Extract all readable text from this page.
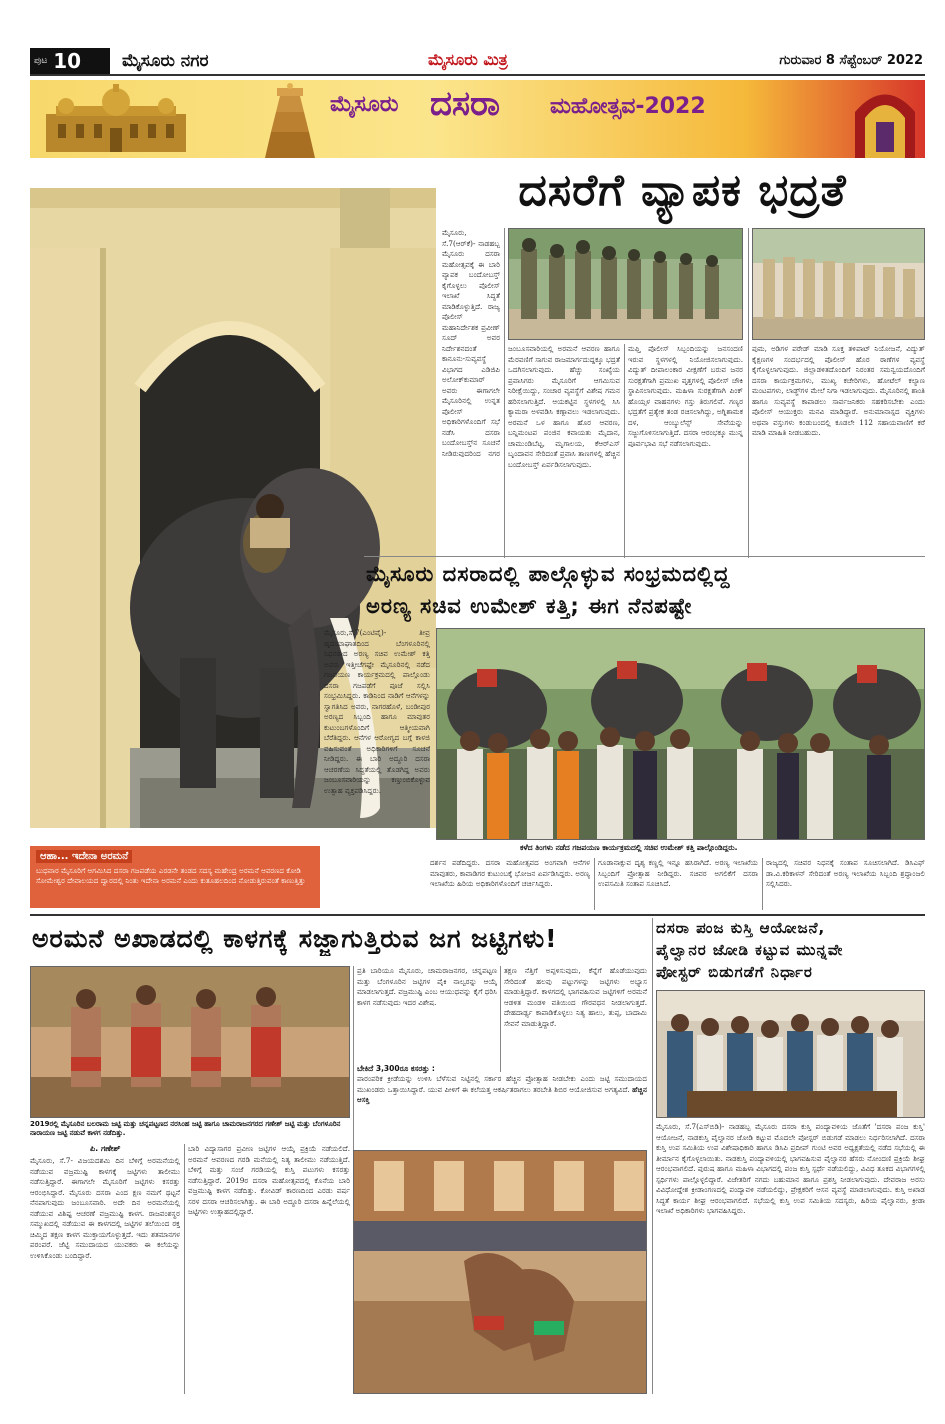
ಪುಟ 10 ಮೈಸೂರು ನಗರ	ಮೈಸೂರು ಮಿತ್ರ	ಗುರುವಾರ 8 ಸೆಪ್ಟೆಂಬರ್ 2022
ಮೈಸೂರು ದಸರಾ ಮಹೋತ್ಸವ-2022
ದಸರೆಗೆ ವ್ಯಾಪಕ ಭದ್ರತೆ
ಮೈಸೂರು, ಸೆ.7(ಆರ್‌ಕೆ)- ನಾಡಹಬ್ಬ ಮೈಸೂರು ದಸರಾ ಮಹೋತ್ಸವಕ್ಕೆ ಈ ಬಾರಿ ವ್ಯಾಪಕ ಬಂದೋಬಸ್ತ್ ಕೈಗೊಳ್ಳಲು ಪೊಲೀಸ್ ಇಲಾಖೆ ಸಿದ್ಧತೆ ಮಾಡಿಕೊಳ್ಳುತ್ತಿದೆ. ರಾಜ್ಯ ಪೊಲೀಸ್ ಮಹಾನಿರ್ದೇಶಕ ಪ್ರವೀಣ್ ಸೂದ್ ಅವರ ನಿರ್ದೇಶನದಂತೆ ಕಾನೂನು-ಸುವ್ಯವಸ್ಥೆ ವಿಭಾಗದ ಎಡಿಜಿಪಿ ಅಲೋಕ್‌ಕುಮಾರ್ ಅವರು ಈಗಾಗಲೇ ಮೈಸೂರಿನಲ್ಲಿ ಉನ್ನತ ಪೊಲೀಸ್ ಅಧಿಕಾರಿಗಳೊಂದಿಗೆ ಸಭೆ ನಡೆಸಿ ದಸರಾ ಬಂದೋಬಸ್ತ್‌ನ ಸೂಚನೆ ನೀಡಿರುವುದರಿಂದ ನಗರ
ಜಂಬೂಸವಾರಿಯಲ್ಲಿ ಅರಮನೆ ಆವರಣ ಹಾಗೂ ಮೆರವಣಿಗೆ ಸಾಗುವ ರಾಜಮಾರ್ಗದುದ್ದಕ್ಕೂ ಭದ್ರತೆ ಒದಗಿಸಲಾಗುವುದು. ಹೆಚ್ಚು ಸಂಖ್ಯೆಯ ಪ್ರವಾಸಿಗರು ಮೈಸೂರಿಗೆ ಆಗಮಿಸುವ ನಿರೀಕ್ಷೆಯಿದ್ದು, ಸಂಚಾರ ವ್ಯವಸ್ಥೆಗೆ ವಿಶೇಷ ಗಮನ ಹರಿಸಲಾಗುತ್ತಿದೆ. ಆಯಕಟ್ಟಿನ ಸ್ಥಳಗಳಲ್ಲಿ ಸಿಸಿ ಕ್ಯಾಮರಾ ಅಳವಡಿಸಿ ಕಣ್ಗಾವಲು ಇಡಲಾಗುವುದು. ಅರಮನೆ ಒಳ ಹಾಗೂ ಹೊರ ಆವರಣ, ಬನ್ನಿಮಂಟಪ ಪಂಜಿನ ಕವಾಯತು ಮೈದಾನ, ಚಾಮುಂಡಿಬೆಟ್ಟ, ಮೃಗಾಲಯ, ಕೆಆರ್‌ಎಸ್ ಬೃಂದಾವನ ಸೇರಿದಂತೆ ಪ್ರವಾಸಿ ತಾಣಗಳಲ್ಲಿ ಹೆಚ್ಚಿನ ಬಂದೋಬಸ್ತ್ ಏರ್ಪಡಿಸಲಾಗುವುದು.
ಮಫ್ತಿ ಪೊಲೀಸ್ ಸಿಬ್ಬಂದಿಯನ್ನು ಜನಸಂದಣಿ ಇರುವ ಸ್ಥಳಗಳಲ್ಲಿ ನಿಯೋಜಿಸಲಾಗುವುದು. ವಿದ್ಯುತ್ ದೀಪಾಲಂಕಾರ ವೀಕ್ಷಣೆಗೆ ಬರುವ ಜನರ ಸುರಕ್ಷತೆಗಾಗಿ ಪ್ರಮುಖ ವೃತ್ತಗಳಲ್ಲಿ ಪೊಲೀಸ್ ಚೌಕಿ ಸ್ಥಾಪಿಸಲಾಗುವುದು. ಮಹಿಳಾ ಸುರಕ್ಷತೆಗಾಗಿ ಪಿಂಕ್ ಹೊಯ್ಸಳ ವಾಹನಗಳು ಗಸ್ತು ತಿರುಗಲಿವೆ. ಗಣ್ಯರ ಭದ್ರತೆಗೆ ಪ್ರತ್ಯೇಕ ತಂಡ ರಚಿಸಲಾಗಿದ್ದು, ಅಗ್ನಿಶಾಮಕ ದಳ, ಆಂಬ್ಯುಲೆನ್ಸ್ ಸೇವೆಯನ್ನು ಸಜ್ಜುಗೊಳಿಸಲಾಗುತ್ತಿದೆ. ದಸರಾ ಆರಂಭಕ್ಕೂ ಮುನ್ನ ಪೂರ್ವಭಾವಿ ಸಭೆ ನಡೆಸಲಾಗುವುದು.
ಪುಮ, ಅಡಿಗಳ ಪರೇಡ್ ಮಾಡಿ ಸೂಕ್ತ ತಳಿಪಾಟ್ ನಿಯೋಜನೆ, ವಿದ್ಯುತ್ ಕೈಕ್ಷಣಗಳ ಸಂದರ್ಭದಲ್ಲಿ ಪೊಲೀಸ್ ಹೊರ ಠಾಣೆಗಳ ವ್ಯವಸ್ಥೆ ಕೈಗೊಳ್ಳಲಾಗುವುದು. ಜಿಲ್ಲಾಡಳಿತದೊಂದಿಗೆ ನಿರಂತರ ಸಮನ್ವಯದೊಂದಿಗೆ ದಸರಾ ಕಾರ್ಯಕ್ರಮಗಳು, ಮುಖ್ಯ ಕಚೇರಿಗಳು, ಹೋಟೆಲ್ ಕಲ್ಯಾಣ ಮಂಟಪಗಳು, ಲಾಡ್ಜ್‌ಗಳ ಮೇಲೆ ನಿಗಾ ಇಡಲಾಗುವುದು. ಮೈಸೂರಿನಲ್ಲಿ ಶಾಂತಿ ಹಾಗೂ ಸುವ್ಯವಸ್ಥೆ ಕಾಪಾಡಲು ಸಾರ್ವಜನಿಕರು ಸಹಕರಿಸಬೇಕು ಎಂದು ಪೊಲೀಸ್ ಆಯುಕ್ತರು ಮನವಿ ಮಾಡಿದ್ದಾರೆ. ಅನುಮಾನಾಸ್ಪದ ವ್ಯಕ್ತಿಗಳು ಅಥವಾ ವಸ್ತುಗಳು ಕಂಡುಬಂದಲ್ಲಿ ಕೂಡಲೇ 112 ಸಹಾಯವಾಣಿಗೆ ಕರೆ ಮಾಡಿ ಮಾಹಿತಿ ನೀಡಬಹುದು.
ಮೈಸೂರು ದಸರಾದಲ್ಲಿ ಪಾಲ್ಗೊಳ್ಳುವ ಸಂಭ್ರಮದಲ್ಲಿದ್ದ
ಅರಣ್ಯ ಸಚಿವ ಉಮೇಶ್ ಕತ್ತಿ; ಈಗ ನೆನಪಷ್ಟೇ
ಮೈಸೂರು,ಸೆ.7(ಎಂಟಿವೈ)- ತೀವ್ರ ಹೃದಯಾಘಾತದಿಂದ ಬೆಂಗಳೂರಿನಲ್ಲಿ ನಿಧನರಾದ ಅರಣ್ಯ ಸಚಿವ ಉಮೇಶ್ ಕತ್ತಿ ಅವರು ಇತ್ತೀಚೆಗಷ್ಟೇ ಮೈಸೂರಿನಲ್ಲಿ ನಡೆದ ಗಜಪಯಣ ಕಾರ್ಯಕ್ರಮದಲ್ಲಿ ಪಾಲ್ಗೊಂಡು ದಸರಾ ಗಜಪಡೆಗೆ ಪೂಜೆ ಸಲ್ಲಿಸಿ ಸಂಭ್ರಮಿಸಿದ್ದರು. ಕಾಡಿನಿಂದ ನಾಡಿಗೆ ಆನೆಗಳನ್ನು ಸ್ವಾಗತಿಸಿದ ಅವರು, ನಾಗರಹೊಳೆ, ಬಂಡೀಪುರ ಅರಣ್ಯದ ಸಿಬ್ಬಂದಿ ಹಾಗೂ ಮಾವುತರ ಕುಟುಂಬಗಳೊಂದಿಗೆ ಆತ್ಮೀಯವಾಗಿ ಬೆರೆತಿದ್ದರು. ಆನೆಗಳ ಆರೋಗ್ಯದ ಬಗ್ಗೆ ಕಾಳಜಿ ವಹಿಸುವಂತೆ ಅಧಿಕಾರಿಗಳಿಗೆ ಸೂಚನೆ ನೀಡಿದ್ದರು. ಈ ಬಾರಿ ಅದ್ಧೂರಿ ದಸರಾ ಆಚರಣೆಯ ಸಿದ್ಧತೆಯಲ್ಲಿ ತೊಡಗಿದ್ದ ಅವರು ಜಂಬೂಸವಾರಿಯನ್ನು ಕಣ್ತುಂಬಿಕೊಳ್ಳುವ ಉತ್ಸಾಹ ವ್ಯಕ್ತಪಡಿಸಿದ್ದರು.
ಕಳೆದ ತಿಂಗಳು ನಡೆದ ಗಜಪಯಣ ಕಾರ್ಯಕ್ರಮದಲ್ಲಿ ಸಚಿವ ಉಮೇಶ್ ಕತ್ತಿ ಪಾಲ್ಗೊಂಡಿದ್ದರು.
ಆಹಾ... ಇದೇನಾ ಅರಮನೆ
ಬುಧವಾರ ಮೈಸೂರಿಗೆ ಆಗಮಿಸಿದ ದಸರಾ ಗಜಪಡೆಯ ಎರಡನೇ ತಂಡದ ಸದಸ್ಯ ಮಹೇಂದ್ರ ಅರಮನೆ ಆವರಣದ ಕೋಡಿ ಸೋಮೇಶ್ವರ ದೇವಾಲಯದ ದ್ವಾರದಲ್ಲಿ ನಿಂತು ಇದೇನಾ ಅರಮನೆ ಎಂದು ಕುತೂಹಲದಿಂದ ನೋಡುತ್ತಿರುವಂತೆ ಕಾಣುತ್ತಿತ್ತು
ದರ್ಶನ ಪಡೆದಿದ್ದರು. ದಸರಾ ಮಹೋತ್ಸವದ ಅಂಗವಾಗಿ ಆನೆಗಳ ಮಾವುತರು, ಕಾವಾಡಿಗರ ಕುಟುಂಬಕ್ಕೆ ಭೋಜನ ಏರ್ಪಡಿಸಿದ್ದರು. ಅರಣ್ಯ ಇಲಾಖೆಯ ಹಿರಿಯ ಅಧಿಕಾರಿಗಳೊಂದಿಗೆ ಚರ್ಚಿಸಿದ್ದರು.
ಗೂಡಾನಾಕ್ಸುವ ದೃಶ್ಯ ಕಣ್ಣಲ್ಲಿ ಇನ್ನೂ ಹಸಿರಾಗಿದೆ. ಅರಣ್ಯ ಇಲಾಖೆಯ ಸಿಬ್ಬಂದಿಗೆ ಪ್ರೋತ್ಸಾಹ ನೀಡಿದ್ದರು. ಸಚಿವರ ಅಗಲಿಕೆಗೆ ದಸರಾ ಉಪಸಮಿತಿ ಸಂತಾಪ ಸೂಚಿಸಿದೆ.
ರಾಜ್ಯದಲ್ಲಿ ಸಚಿವರ ನಿಧನಕ್ಕೆ ಸಂತಾಪ ಸೂಚಿಸಲಾಗಿದೆ. ಡಿಸಿಎಫ್ ಡಾ.ವಿ.ಕರಿಕಾಳನ್ ಸೇರಿದಂತೆ ಅರಣ್ಯ ಇಲಾಖೆಯ ಸಿಬ್ಬಂದಿ ಶ್ರದ್ಧಾಂಜಲಿ ಸಲ್ಲಿಸಿದರು.
ಅರಮನೆ ಅಖಾಡದಲ್ಲಿ ಕಾಳಗಕ್ಕೆ ಸಜ್ಜಾಗುತ್ತಿರುವ ಜಗ ಜಟ್ಟಿಗಳು!
2019ರಲ್ಲಿ ಮೈಸೂರಿನ ಬಲರಾಮ ಜಟ್ಟಿ ಮತ್ತು ಚನ್ನಪಟ್ಟಣದ ನರಸಿಂಹ ಜಟ್ಟಿ ಹಾಗೂ ಚಾಮರಾಜನಗರದ ಗಣೇಶ್ ಜಟ್ಟಿ ಮತ್ತು ಬೆಂಗಳೂರಿನ ನಾರಾಯಣ ಜಟ್ಟಿ ನಡುವೆ ಕಾಳಗ ನಡೆದಿತ್ತು.
ಪಿ. ಗಣೇಶ್
ಮೈಸೂರು, ಸೆ.7- ವಿಜಯದಶಮಿ ದಿನ ಬೆಳಿಗ್ಗೆ ಅರಮನೆಯಲ್ಲಿ ನಡೆಯುವ ವಜ್ರಮುಷ್ಟಿ ಕಾಳಗಕ್ಕೆ ಜಟ್ಟಿಗಳು ತಾಲೀಮು ನಡೆಸುತ್ತಿದ್ದಾರೆ. ಈಗಾಗಲೇ ಮೈಸೂರಿಗೆ ಜಟ್ಟಿಗಳು ಕಸರತ್ತು ಆರಂಭಿಸಿದ್ದಾರೆ. ಮೈಸೂರು ದಸರಾ ಎಂದ ಕ್ಷಣ ನಮಗೆ ಥಟ್ಟನೆ ನೆನಪಾಗುವುದು ಜಂಬೂಸವಾರಿ. ಅದೇ ದಿನ ಅರಮನೆಯಲ್ಲಿ ನಡೆಯುವ ವಿಶಿಷ್ಟ ಆಚರಣೆ ವಜ್ರಮುಷ್ಟಿ ಕಾಳಗ. ರಾಜವಂಶಸ್ಥರ ಸಮ್ಮುಖದಲ್ಲಿ ನಡೆಯುವ ಈ ಕಾಳಗದಲ್ಲಿ ಜಟ್ಟಿಗಳ ತಲೆಯಿಂದ ರಕ್ತ ಚಿಮ್ಮಿದ ತಕ್ಷಣ ಕಾಳಗ ಮುಕ್ತಾಯಗೊಳ್ಳುತ್ತದೆ. ಇದು ಶತಮಾನಗಳ ಪರಂಪರೆ. ಜೆಟ್ಟಿ ಸಮುದಾಯದ ಯುವಕರು ಈ ಕಲೆಯನ್ನು ಉಳಿಸಿಕೊಂಡು ಬಂದಿದ್ದಾರೆ.
ಬಾರಿ ವಿದ್ಯಾಸಾಗರ ಪ್ರವೀಣ ಜಟ್ಟಿಗಳ ಆಯ್ಕೆ ಪ್ರಕ್ರಿಯೆ ನಡೆಯಲಿದೆ. ಅರಮನೆ ಆವರಣದ ಗರಡಿ ಮನೆಯಲ್ಲಿ ನಿತ್ಯ ತಾಲೀಮು ನಡೆಯುತ್ತಿದೆ. ಬೆಳಿಗ್ಗೆ ಮತ್ತು ಸಂಜೆ ಗರಡಿಯಲ್ಲಿ ಕುಸ್ತಿ ಪಟುಗಳು ಕಸರತ್ತು ನಡೆಸುತ್ತಿದ್ದಾರೆ. 2019ರ ದಸರಾ ಮಹೋತ್ಸವದಲ್ಲಿ ಕೊನೆಯ ಬಾರಿ ವಜ್ರಮುಷ್ಟಿ ಕಾಳಗ ನಡೆದಿತ್ತು. ಕೋವಿಡ್ ಕಾರಣದಿಂದ ಎರಡು ವರ್ಷ ಸರಳ ದಸರಾ ಆಚರಿಸಲಾಗಿತ್ತು. ಈ ಬಾರಿ ಅದ್ಧೂರಿ ದಸರಾ ಹಿನ್ನೆಲೆಯಲ್ಲಿ ಜಟ್ಟಿಗಳು ಉತ್ಸಾಹದಲ್ಲಿದ್ದಾರೆ.
ಪ್ರತಿ ಬಾರಿಯೂ ಮೈಸೂರು, ಚಾಮರಾಜನಗರ, ಚನ್ನಪಟ್ಟಣ ಮತ್ತು ಬೆಂಗಳೂರಿನ ಜಟ್ಟಿಗಳ ಪೈಕಿ ನಾಲ್ವರನ್ನು ಆಯ್ಕೆ ಮಾಡಲಾಗುತ್ತದೆ. ವಜ್ರಮುಷ್ಟಿ ಎಂಬ ಆಯುಧವನ್ನು ಕೈಗೆ ಧರಿಸಿ ಕಾಳಗ ನಡೆಸುವುದು ಇದರ ವಿಶೇಷ.
ಬೇಕಿದೆ 3,300ರೂ ಕಸರತ್ತು :
ಪಾರಂಪರಿಕ ಕ್ರೀಡೆಯನ್ನು ಉಳಿಸಿ ಬೆಳೆಸುವ ನಿಟ್ಟಿನಲ್ಲಿ ಸರ್ಕಾರ ಹೆಚ್ಚಿನ ಪ್ರೋತ್ಸಾಹ ನೀಡಬೇಕು ಎಂದು ಜಟ್ಟಿ ಸಮುದಾಯದ ಮುಖಂಡರು ಒತ್ತಾಯಿಸಿದ್ದಾರೆ. ಯುವ ಪೀಳಿಗೆ ಈ ಕಲೆಯತ್ತ ಆಕರ್ಷಿತರಾಗಲು ತರಬೇತಿ ಶಿಬಿರ ಆಯೋಜಿಸುವ ಅಗತ್ಯವಿದೆ. ಹೆಚ್ಚಿನ ಆಸಕ್ತಿ
ತಕ್ಷಣ ನೆತ್ತಿಗೆ ಅಪ್ಪಳಿಸುವುದು, ಕೆನ್ನೆಗೆ ಹೊಡೆಯುವುದು ಸೇರಿದಂತೆ ಹಲವು ಪಟ್ಟುಗಳನ್ನು ಜಟ್ಟಿಗಳು ಅಭ್ಯಾಸ ಮಾಡುತ್ತಿದ್ದಾರೆ. ಕಾಳಗದಲ್ಲಿ ಭಾಗವಹಿಸುವ ಜಟ್ಟಿಗಳಿಗೆ ಅರಮನೆ ಆಡಳಿತ ಮಂಡಳಿ ವತಿಯಿಂದ ಗೌರವಧನ ನೀಡಲಾಗುತ್ತದೆ. ದೇಹದಾರ್ಢ್ಯ ಕಾಪಾಡಿಕೊಳ್ಳಲು ನಿತ್ಯ ಹಾಲು, ತುಪ್ಪ, ಬಾದಾಮಿ ಸೇವನೆ ಮಾಡುತ್ತಿದ್ದಾರೆ.
ದಸರಾ ಪಂಜ ಕುಸ್ತಿ ಆಯೋಜನೆ,
ಪೈಲ್ವಾನರ ಜೋಡಿ ಕಟ್ಟುವ ಮುನ್ನವೇ
ಪೋಸ್ಟರ್ ಬಿಡುಗಡೆಗೆ ನಿರ್ಧಾರ
ಮೈಸೂರು, ಸೆ.7(ಎಸ್‌ಬಿಡಿ)- ನಾಡಹಬ್ಬ ಮೈಸೂರು ದಸರಾ ಕುಸ್ತಿ ಪಂದ್ಯಾವಳಿಯ ಜೊತೆಗೆ 'ದಸರಾ ಪಂಜ ಕುಸ್ತಿ' ಆಯೋಜನೆ, ನಾಡಕುಸ್ತಿ ಪೈಲ್ವಾನರ ಜೋಡಿ ಕಟ್ಟುವ ಮೊದಲೇ ಪೋಸ್ಟರ್ ಬಿಡುಗಡೆ ಮಾಡಲು ನಿರ್ಧರಿಸಲಾಗಿದೆ. ದಸರಾ ಕುಸ್ತಿ ಉಪ ಸಮಿತಿಯ ಉಪ ವಿಶೇಷಾಧಿಕಾರಿ ಹಾಗೂ ಡಿಸಿಪಿ ಪ್ರದೀಪ್ ಗುಂಟಿ ಅವರ ಅಧ್ಯಕ್ಷತೆಯಲ್ಲಿ ನಡೆದ ಸಭೆಯಲ್ಲಿ ಈ ತೀರ್ಮಾನ ಕೈಗೊಳ್ಳಲಾಯಿತು. ನಾಡಕುಸ್ತಿ ಪಂದ್ಯಾವಳಿಯಲ್ಲಿ ಭಾಗವಹಿಸುವ ಪೈಲ್ವಾನರ ಹೆಸರು ನೋಂದಣಿ ಪ್ರಕ್ರಿಯೆ ಶೀಘ್ರ ಆರಂಭವಾಗಲಿದೆ. ಪುರುಷ ಹಾಗೂ ಮಹಿಳಾ ವಿಭಾಗದಲ್ಲಿ ಪಂಜ ಕುಸ್ತಿ ಸ್ಪರ್ಧೆ ನಡೆಯಲಿದ್ದು, ವಿವಿಧ ತೂಕದ ವಿಭಾಗಗಳಲ್ಲಿ ಸ್ಪರ್ಧಿಗಳು ಪಾಲ್ಗೊಳ್ಳಲಿದ್ದಾರೆ. ವಿಜೇತರಿಗೆ ನಗದು ಬಹುಮಾನ ಹಾಗೂ ಪ್ರಶಸ್ತಿ ನೀಡಲಾಗುವುದು. ದೇವರಾಜ ಅರಸು ವಿವಿಧೋದ್ದೇಶ ಕ್ರೀಡಾಂಗಣದಲ್ಲಿ ಪಂದ್ಯಾವಳಿ ನಡೆಯಲಿದ್ದು, ಪ್ರೇಕ್ಷಕರಿಗೆ ಆಸನ ವ್ಯವಸ್ಥೆ ಮಾಡಲಾಗುವುದು. ಕುಸ್ತಿ ಅಖಾಡ ಸಿದ್ಧತೆ ಕಾರ್ಯ ಶೀಘ್ರ ಆರಂಭವಾಗಲಿದೆ. ಸಭೆಯಲ್ಲಿ ಕುಸ್ತಿ ಉಪ ಸಮಿತಿಯ ಸದಸ್ಯರು, ಹಿರಿಯ ಪೈಲ್ವಾನರು, ಕ್ರೀಡಾ ಇಲಾಖೆ ಅಧಿಕಾರಿಗಳು ಭಾಗವಹಿಸಿದ್ದರು.
